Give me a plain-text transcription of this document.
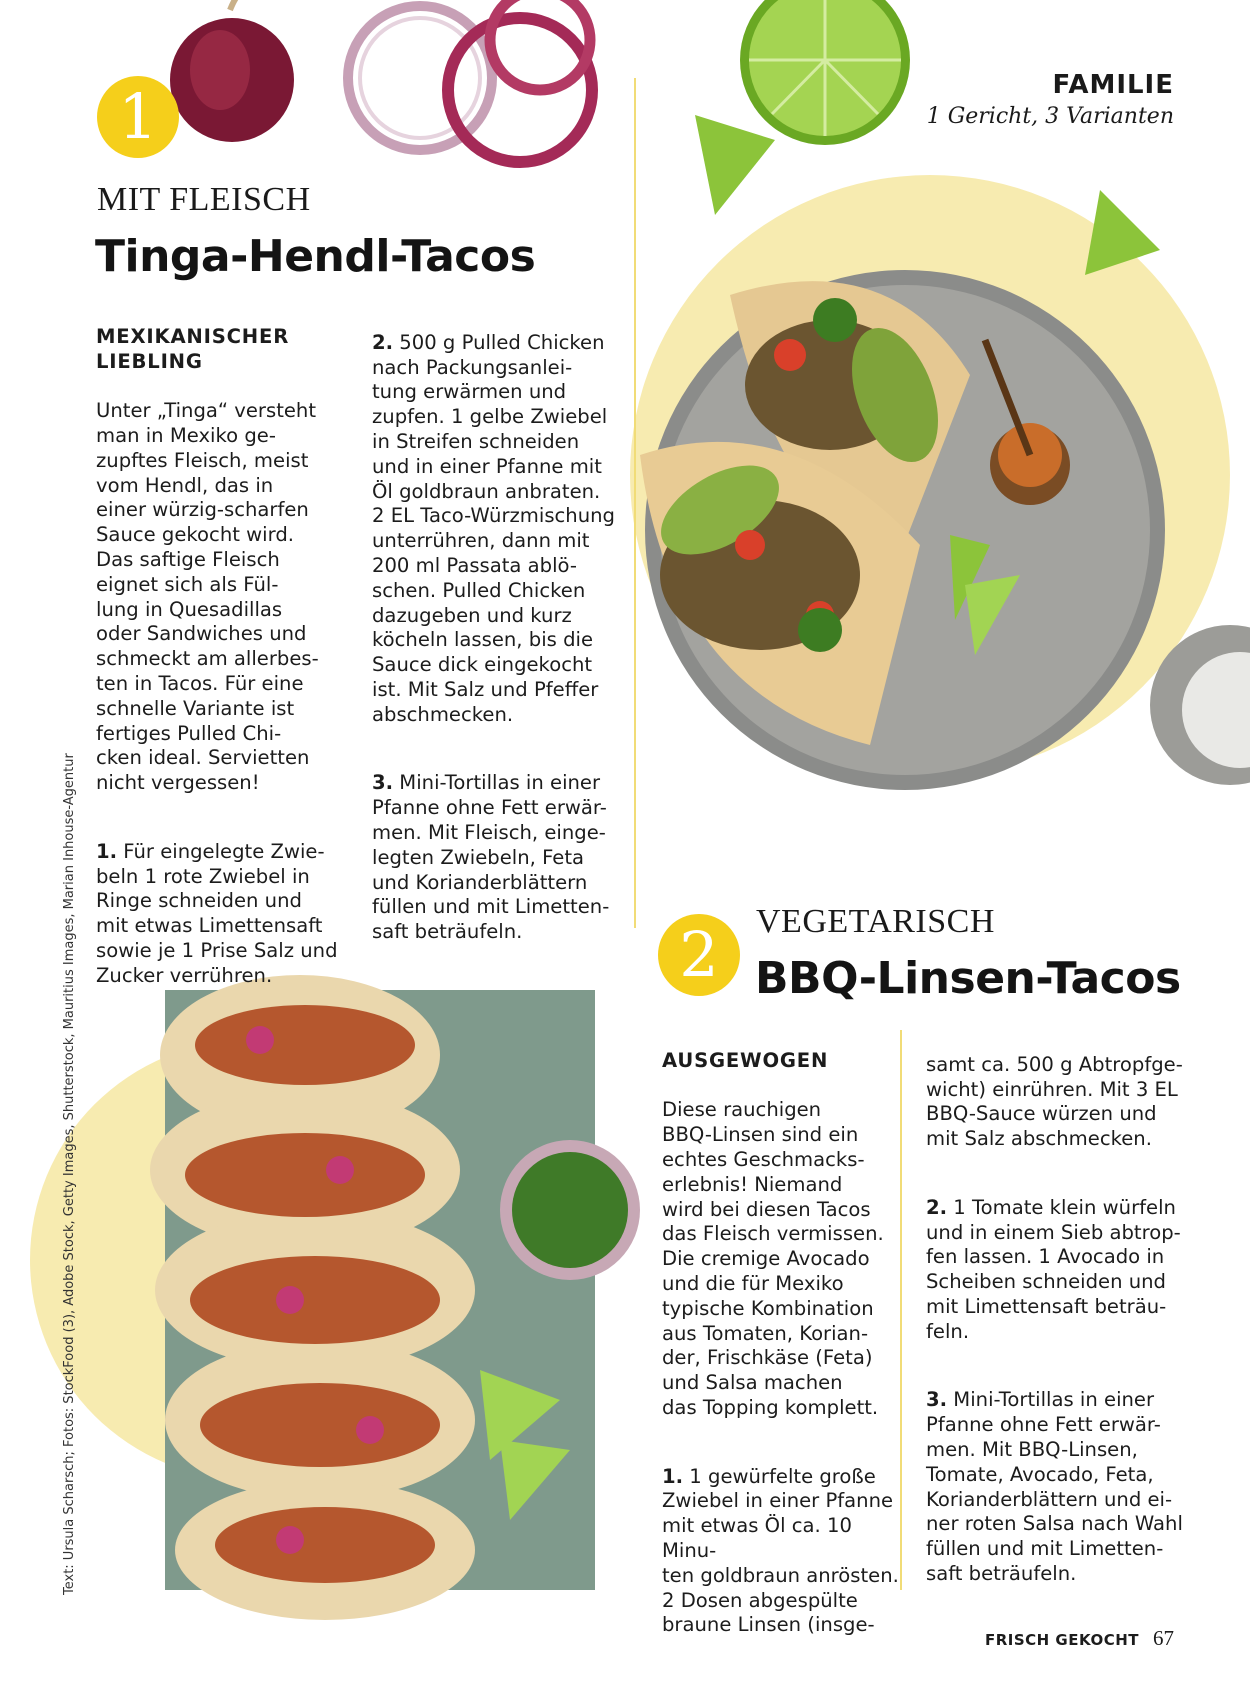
FAMILIE
1 Gericht, 3 Varianten
1
MIT FLEISCH
Tinga-Hendl-Tacos

MEXIKANISCHER
LIEBLING

Unter „Tinga“ versteht
man in Mexiko ge-
zupftes Fleisch, meist
vom Hendl, das in
einer würzig-scharfen
Sauce gekocht wird.
Das saftige Fleisch
eignet sich als Fül-
lung in Quesadillas
oder Sandwiches und
schmeckt am allerbes-
ten in Tacos. Für eine
schnelle Variante ist
fertiges Pulled Chi-
cken ideal. Servietten
nicht vergessen!

1. Für eingelegte Zwie-
beln 1 rote Zwiebel in
Ringe schneiden und
mit etwas Limettensaft
sowie je 1 Prise Salz und
Zucker verrühren.

2. 500 g Pulled Chicken
nach Packungsanlei-
tung erwärmen und
zupfen. 1 gelbe Zwiebel
in Streifen schneiden
und in einer Pfanne mit
Öl goldbraun anbraten.
2 EL Taco-Würzmischung
unterrühren, dann mit
200 ml Passata ablö-
schen. Pulled Chicken
dazugeben und kurz
köcheln lassen, bis die
Sauce dick eingekocht
ist. Mit Salz und Pfeffer
abschmecken.

3. Mini-Tortillas in einer
Pfanne ohne Fett erwär-
men. Mit Fleisch, einge-
legten Zwiebeln, Feta
und Korianderblättern
füllen und mit Limetten-
saft beträufeln.	2	VEGETARISCH
BBQ-Linsen-Tacos

AUSGEWOGEN

Diese rauchigen
BBQ-Linsen sind ein
echtes Geschmacks-
erlebnis! Niemand
wird bei diesen Tacos
das Fleisch vermissen.
Die cremige Avocado
und die für Mexiko
typische Kombination
aus Tomaten, Korian-
der, Frischkäse (Feta)
und Salsa machen
das Topping komplett.

1. 1 gewürfelte große
Zwiebel in einer Pfanne
mit etwas Öl ca. 10 Minu-
ten goldbraun anrösten.
2 Dosen abgespülte
braune Linsen (insge-

samt ca. 500 g Abtropfge-
wicht) einrühren. Mit 3 EL
BBQ-Sauce würzen und
mit Salz abschmecken.

2. 1 Tomate klein würfeln
und in einem Sieb abtrop-
fen lassen. 1 Avocado in
Scheiben schneiden und
mit Limettensaft beträu-
feln.

3. Mini-Tortillas in einer
Pfanne ohne Fett erwär-
men. Mit BBQ-Linsen,
Tomate, Avocado, Feta,
Korianderblättern und ei-
ner roten Salsa nach Wahl
füllen und mit Limetten-
saft beträufeln.

Text: Ursula Scharsch; Fotos: StockFood (3), Adobe Stock, Getty Images, Shutterstock, Mauritius Images, Marian Inhouse-Agentur
FRISCH GEKOCHT 67
